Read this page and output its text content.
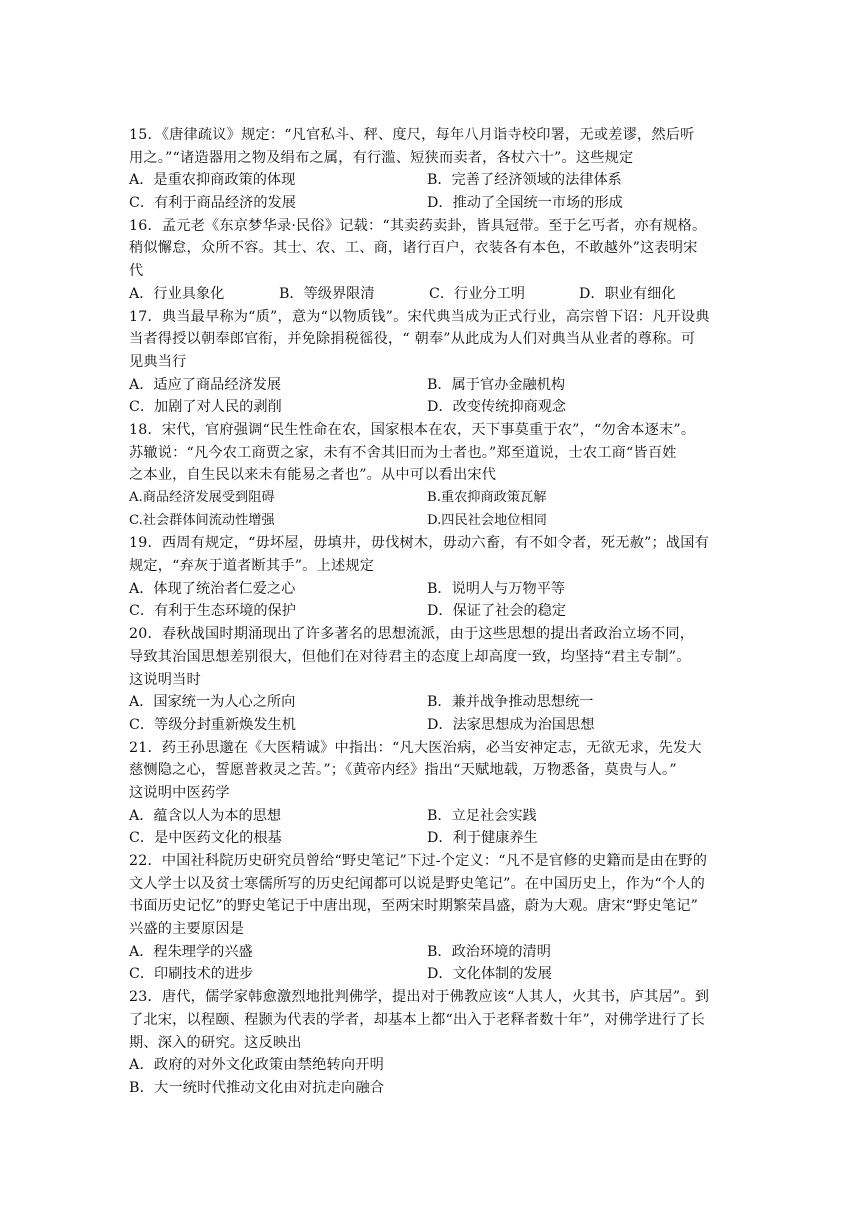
15．《唐律疏议》规定：“凡官私斗、秤、度尺，每年八月诣寺校印署，无或差谬，然后听
用之。”“诸造器用之物及绢布之属，有行滥、短狭而卖者，各杖六十”。这些规定
A．是重农抑商政策的体现	B．完善了经济领域的法律体系
C．有利于商品经济的发展	D．推动了全国统一市场的形成
16．孟元老《东京梦华录·民俗》记载：“其卖药卖卦，皆具冠带。至于乞丐者，亦有规格。
稍似懈怠，众所不容。其士、农、工、商，诸行百户，衣装各有本色，不敢越外”这表明宋
代
A．行业具象化	B．等级界限清	C．行业分工明	D．职业有细化
17．典当最早称为“质”，意为“以物质钱”。宋代典当成为正式行业，高宗曾下诏：凡开设典
当者得授以朝奉郎官衔，并免除捐税徭役，“ 朝奉”从此成为人们对典当从业者的尊称。可
见典当行
A．适应了商品经济发展	B．属于官办金融机构
C．加剧了对人民的剥削	D．改变传统抑商观念
18．宋代，官府强调“民生性命在农，国家根本在农，天下事莫重于农”，“勿舍本逐末”。
苏辙说：“凡今农工商贾之家，未有不舍其旧而为士者也。”郑至道说，士农工商“皆百姓
之本业，自生民以来未有能易之者也”。从中可以看出宋代
A.商品经济发展受到阻碍	B.重农抑商政策瓦解
C.社会群体间流动性增强	D.四民社会地位相同
19．西周有规定，“毋坏屋，毋填井，毋伐树木，毋动六畜，有不如令者，死无赦”；战国有
规定，“弃灰于道者断其手”。上述规定
A．体现了统治者仁爱之心	B．说明人与万物平等
C．有利于生态环境的保护	D．保证了社会的稳定
20．春秋战国时期涌现出了许多著名的思想流派，由于这些思想的提出者政治立场不同，
导致其治国思想差别很大，但他们在对待君主的态度上却高度一致，均坚持“君主专制”。
这说明当时
A．国家统一为人心之所向	B．兼并战争推动思想统一
C．等级分封重新焕发生机	D．法家思想成为治国思想
21．药王孙思邈在《大医精诚》中指出：“凡大医治病，必当安神定志，无欲无求，先发大
慈恻隐之心，誓愿普救灵之苦。”；《黄帝内经》指出“天赋地载，万物悉备，莫贵与人。”
这说明中医药学
A．蕴含以人为本的思想	B．立足社会实践
C．是中医药文化的根基	D．利于健康养生
22．中国社科院历史研究员曾给“野史笔记”下过-个定义：“凡不是官修的史籍而是由在野的
文人学士以及贫士寒儒所写的历史纪闻都可以说是野史笔记”。在中国历史上，作为“个人的
书面历史记忆”的野史笔记于中唐出现，至两宋时期繁荣昌盛，蔚为大观。唐宋“野史笔记”
兴盛的主要原因是
A．程朱理学的兴盛	B．政治环境的清明
C．印刷技术的进步	D．文化体制的发展
23．唐代，儒学家韩愈激烈地批判佛学，提出对于佛教应该“人其人，火其书，庐其居”。到
了北宋，以程颐、程颢为代表的学者，却基本上都“出入于老释者数十年”，对佛学进行了长
期、深入的研究。这反映出
A．政府的对外文化政策由禁绝转向开明
B．大一统时代推动文化由对抗走向融合
